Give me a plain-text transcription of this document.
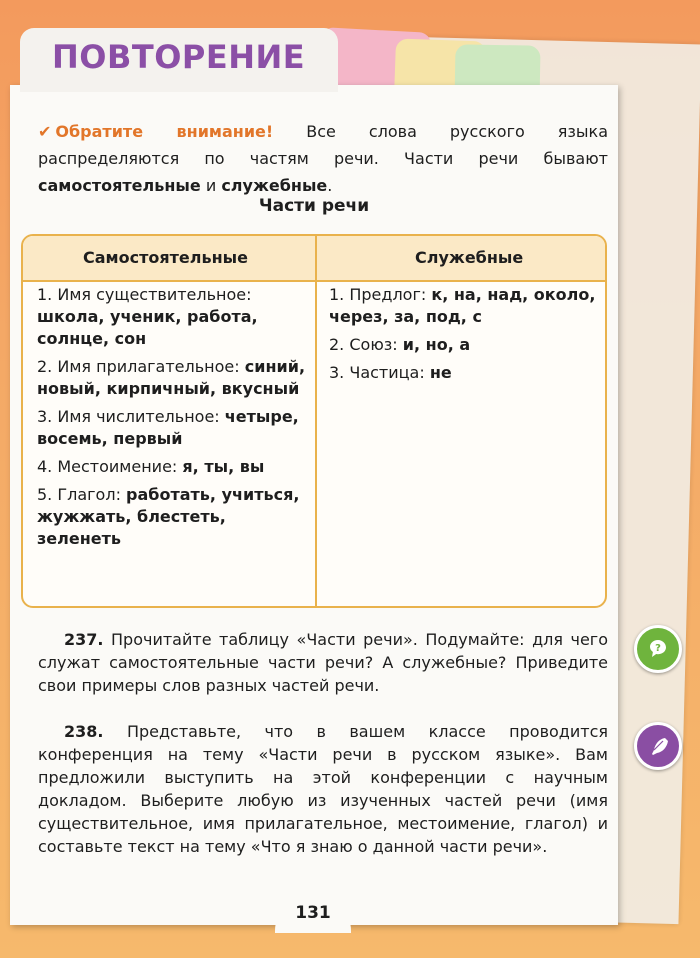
ПОВТОРЕНИЕ
✔ Обратите внимание! Все слова русского языка распределяются по частям речи. Части речи бывают самостоятельные и служебные.
Части речи
Самостоятельные	Служебные
1. Имя существительное: школа, ученик, работа, солнце, сон
2. Имя прилагательное: синий, новый, кирпичный, вкусный
3. Имя числительное: четыре, восемь, первый
4. Местоимение: я, ты, вы
5. Глагол: работать, учиться, жужжать, блестеть, зеленеть
1. Предлог: к, на, над, около, через, за, под, с
2. Союз: и, но, а
3. Частица: не
237. Прочитайте таблицу «Части речи». Подумайте: для чего служат самостоятельные части речи? А служебные? Приведите свои примеры слов разных частей речи.
238. Представьте, что в вашем классе проводится конференция на тему «Части речи в русском языке». Вам предложили выступить на этой конференции с научным докладом. Выберите любую из изученных частей речи (имя существительное, имя прилагательное, местоимение, глагол) и составьте текст на тему «Что я знаю о данной части речи».
?
131
